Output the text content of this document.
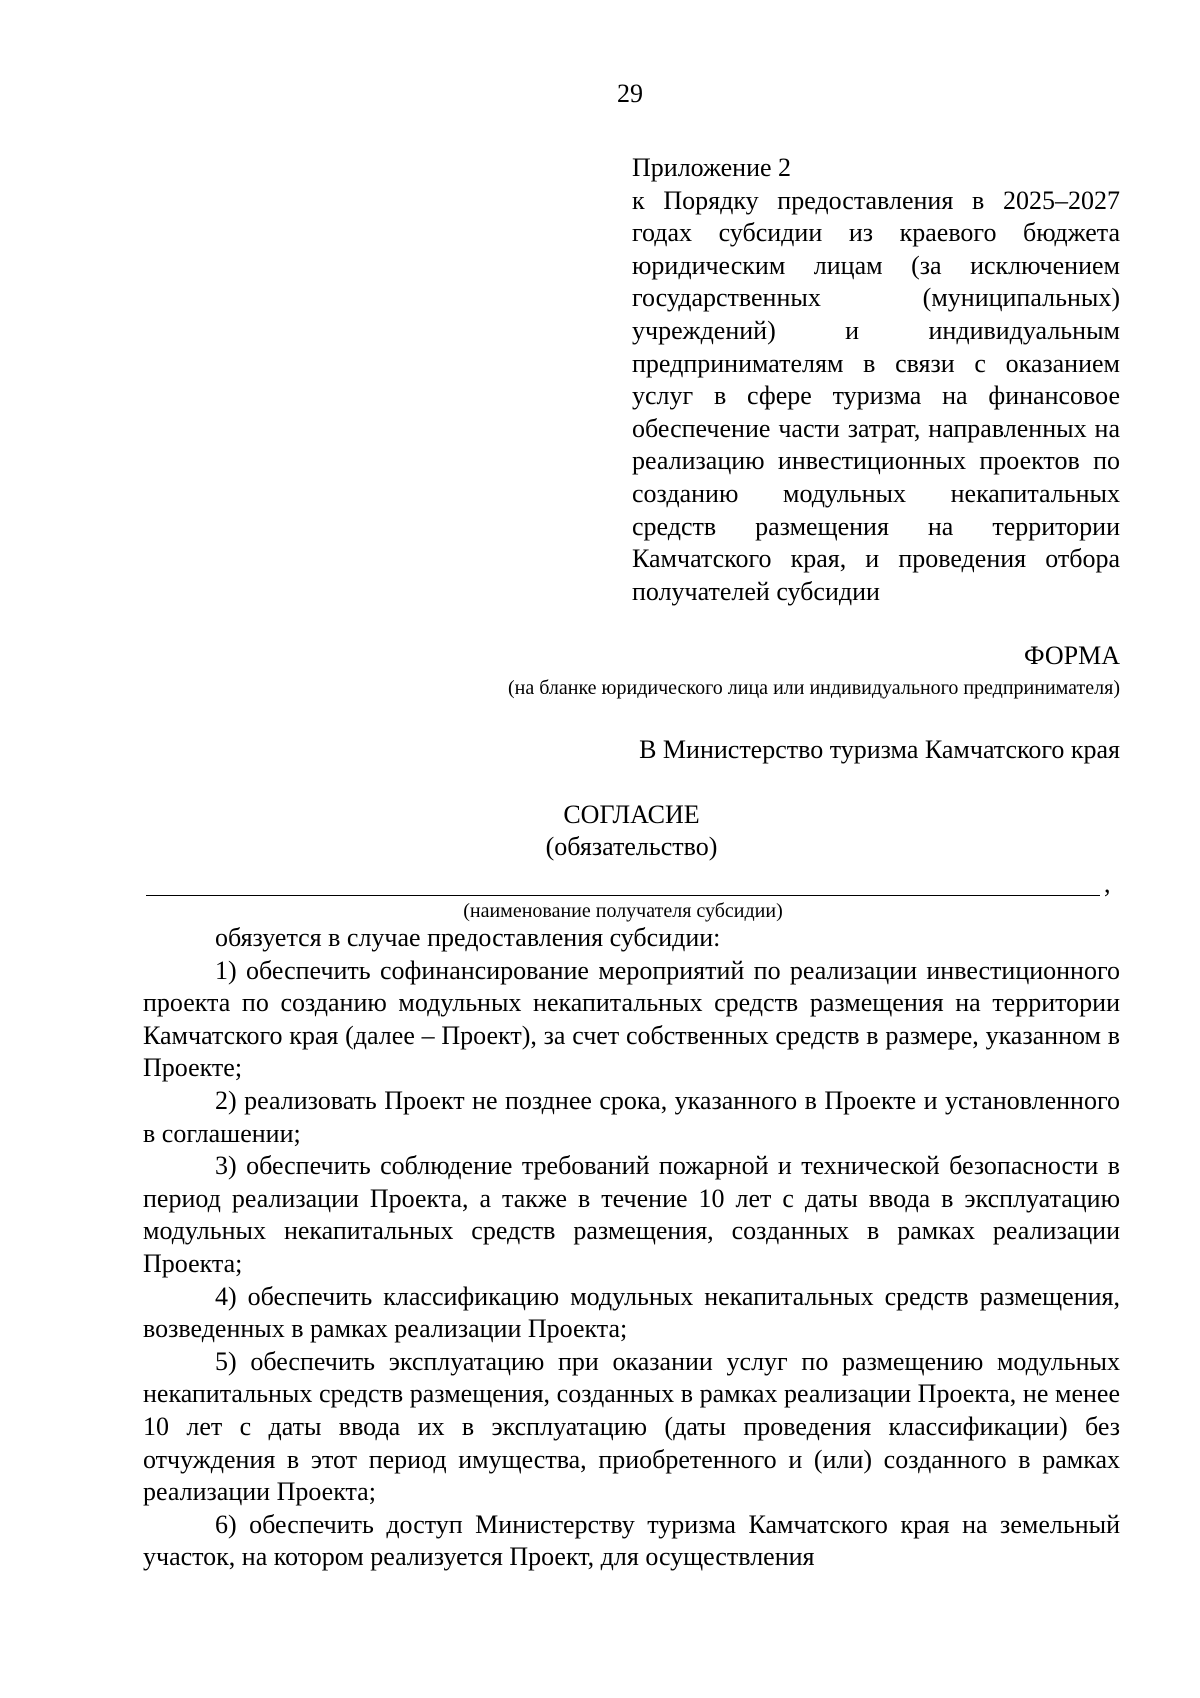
29
Приложение 2

к Порядку предоставления в 2025–2027 годах субсидии из краевого бюджета юридическим лицам (за исключением государственных (муниципальных) учреждений) и индивидуальным предпринимателям в связи с оказанием услуг в сфере туризма на финансовое обеспечение части затрат, направленных на реализацию инвестиционных проектов по созданию модульных некапитальных средств размещения на территории Камчатского края, и проведения отбора получателей субсидии

ФОРМА
(на бланке юридического лица или индивидуального предпринимателя)
В Министерство туризма Камчатского края
СОГЛАСИЕ
(обязательство)
,
(наименование получателя субсидии)

обязуется в случае предоставления субсидии:

1) обеспечить софинансирование мероприятий по реализации инвестиционного проекта по созданию модульных некапитальных средств размещения на территории Камчатского края (далее – Проект), за счет собственных средств в размере, указанном в Проекте;

2) реализовать Проект не позднее срока, указанного в Проекте и установленного в соглашении;

3) обеспечить соблюдение требований пожарной и технической безопасности в период реализации Проекта, а также в течение 10 лет с даты ввода в эксплуатацию модульных некапитальных средств размещения, созданных в рамках реализации Проекта;

4) обеспечить классификацию модульных некапитальных средств размещения, возведенных в рамках реализации Проекта;

5) обеспечить эксплуатацию при оказании услуг по размещению модульных некапитальных средств размещения, созданных в рамках реализации Проекта, не менее 10 лет с даты ввода их в эксплуатацию (даты проведения классификации) без отчуждения в этот период имущества, приобретенного и (или) созданного в рамках реализации Проекта;

6) обеспечить доступ Министерству туризма Камчатского края на земельный участок, на котором реализуется Проект, для осуществления
